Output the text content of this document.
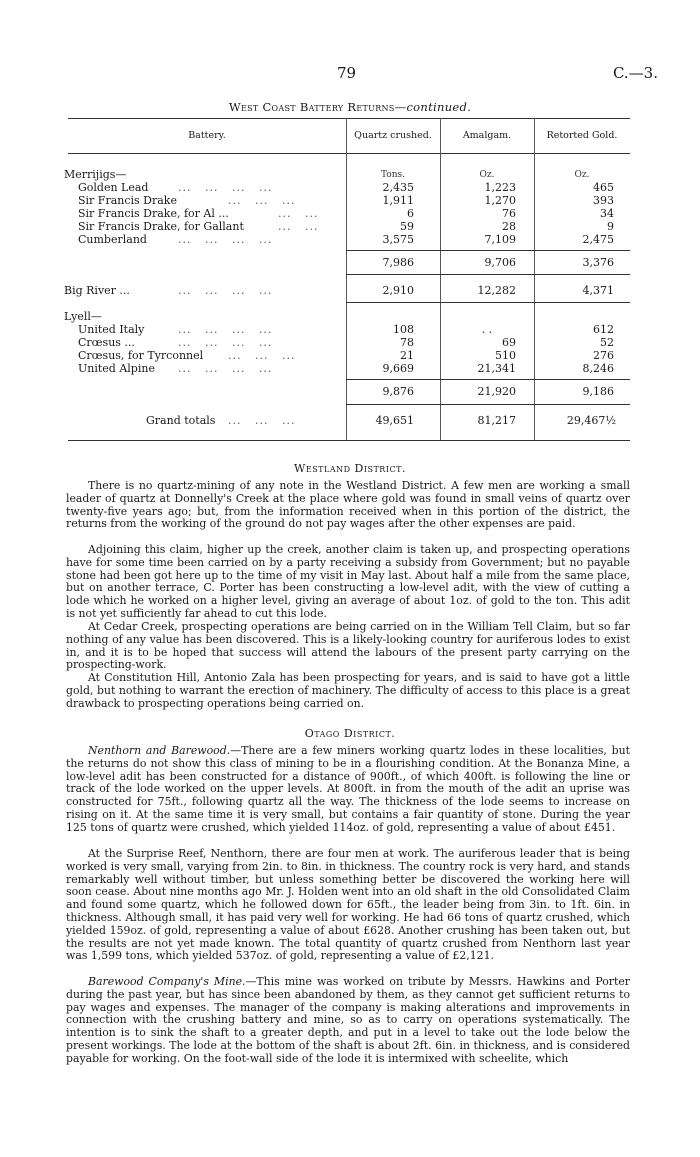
79	C.—3.
West Coast Battery Returns—continued.
Battery.	Quartz crushed.	Amalgam.	Retorted Gold.
Tons.	Oz.	Oz.
Merrijigs—
Golden Lead	...   ...   ...   ...	2,435	1,223	465
Sir Francis Drake	...   ...   ...	1,911	1,270	393
Sir Francis Drake, for Al ...	...   ...	6	76	34
Sir Francis Drake, for Gallant	...   ...	59	28	9
Cumberland	...   ...   ...   ...	3,575	7,109	2,475
7,986	9,706	3,376
Big River ...	...   ...   ...   ...	2,910	12,282	4,371
Lyell—
United Italy	...   ...   ...   ...	108	. .	612
Crœsus ...	...   ...   ...   ...	78	69	52
Crœsus, for Tyrconnel ...   ...   ...	21	510	276
United Alpine ...   ...   ...   ...	9,669	21,341	8,246
9,876	21,920	9,186
Grand totals ...   ...   ...	49,651	81,217	29,467½
Westland District.

There is no quartz-mining of any note in the Westland District. A few men are working a small leader of quartz at Donnelly's Creek at the place where gold was found in small veins of quartz over twenty-five years ago; but, from the information received when in this portion of the district, the returns from the working of the ground do not pay wages after the other expenses are paid.

Adjoining this claim, higher up the creek, another claim is taken up, and prospecting operations have for some time been carried on by a party receiving a subsidy from Government; but no payable stone had been got here up to the time of my visit in May last. About half a mile from the same place, but on another terrace, C. Porter has been constructing a low-level adit, with the view of cutting a lode which he worked on a higher level, giving an average of about 1oz. of gold to the ton. This adit is not yet sufficiently far ahead to cut this lode.

At Cedar Creek, prospecting operations are being carried on in the William Tell Claim, but so far nothing of any value has been discovered. This is a likely-looking country for auriferous lodes to exist in, and it is to be hoped that success will attend the labours of the present party carrying on the prospecting-work.

At Constitution Hill, Antonio Zala has been prospecting for years, and is said to have got a little gold, but nothing to warrant the erection of machinery. The difficulty of access to this place is a great drawback to prospecting operations being carried on.

Otago District.

Nenthorn and Barewood.—There are a few miners working quartz lodes in these localities, but the returns do not show this class of mining to be in a flourishing condition. At the Bonanza Mine, a low-level adit has been constructed for a distance of 900ft., of which 400ft. is following the line or track of the lode worked on the upper levels. At 800ft. in from the mouth of the adit an uprise was constructed for 75ft., following quartz all the way. The thickness of the lode seems to increase on rising on it. At the same time it is very small, but contains a fair quantity of stone. During the year 125 tons of quartz were crushed, which yielded 114oz. of gold, representing a value of about £451.

At the Surprise Reef, Nenthorn, there are four men at work. The auriferous leader that is being worked is very small, varying from 2in. to 8in. in thickness. The country rock is very hard, and stands remarkably well without timber, but unless something better be discovered the working here will soon cease. About nine months ago Mr. J. Holden went into an old shaft in the old Consolidated Claim and found some quartz, which he followed down for 65ft., the leader being from 3in. to 1ft. 6in. in thickness. Although small, it has paid very well for working. He had 66 tons of quartz crushed, which yielded 159oz. of gold, representing a value of about £628. Another crushing has been taken out, but the results are not yet made known. The total quantity of quartz crushed from Nenthorn last year was 1,599 tons, which yielded 537oz. of gold, representing a value of £2,121.

Barewood Company's Mine.—This mine was worked on tribute by Messrs. Hawkins and Porter during the past year, but has since been abandoned by them, as they cannot get sufficient returns to pay wages and expenses. The manager of the company is making alterations and improvements in connection with the crushing battery and mine, so as to carry on operations systematically. The intention is to sink the shaft to a greater depth, and put in a level to take out the lode below the present workings. The lode at the bottom of the shaft is about 2ft. 6in. in thickness, and is considered payable for working. On the foot-wall side of the lode it is intermixed with scheelite, which
